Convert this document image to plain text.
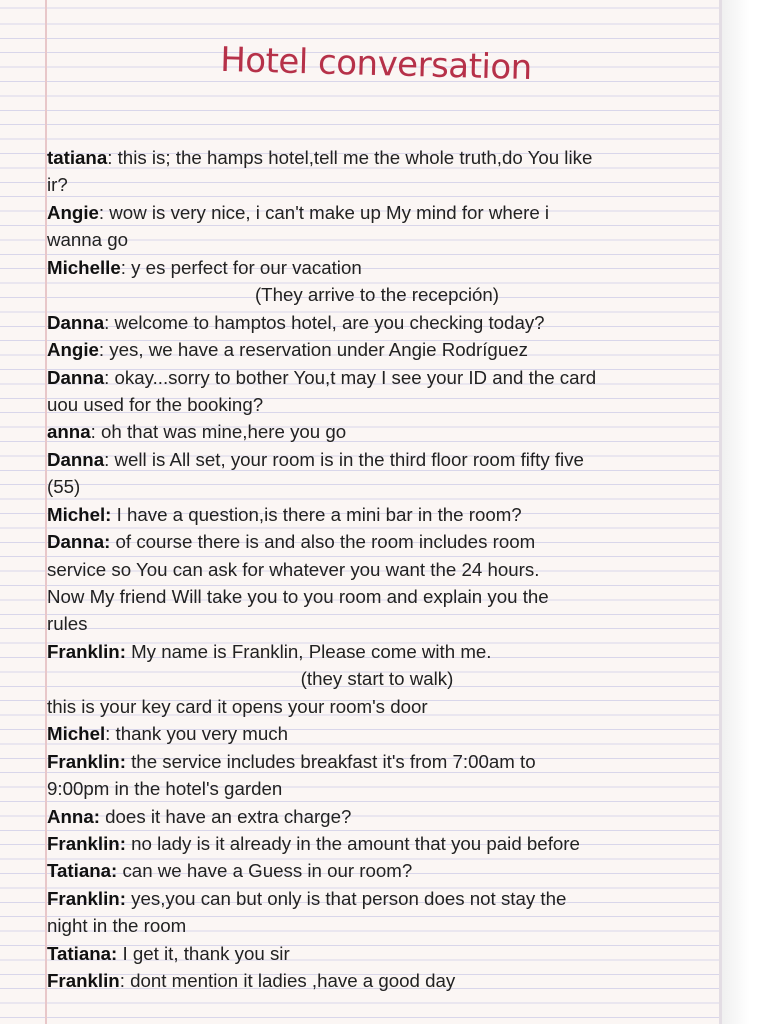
Hotel conversation

tatiana: this is; the hamps hotel,tell me the whole truth,do You like

ir?

Angie: wow is very nice, i can't make up My mind for where i

wanna go

Michelle: y es perfect for our vacation

(They arrive to the recepción)

Danna: welcome to hamptos hotel, are you checking today?

Angie: yes, we have a reservation under Angie Rodríguez

Danna: okay...sorry to bother You,t may I see your ID and the card

uou used for the booking?

anna: oh that was mine,here you go

Danna: well is All set, your room is in the third floor room fifty five

(55)

Michel: I have a question,is there a mini bar in the room?

Danna: of course there is and also the room includes room

service so You can ask for whatever you want the 24 hours.

Now My friend Will take you to you room and explain you the

rules

Franklin: My name is Franklin, Please come with me.

(they start to walk)

this is your key card it opens your room's door

Michel: thank you very much

Franklin: the service includes breakfast it's from 7:00am to

9:00pm in the hotel's garden

Anna: does it have an extra charge?

Franklin: no lady is it already in the amount that you paid before

Tatiana: can we have a Guess in our room?

Franklin: yes,you can but only is that person does not stay the

night in the room

Tatiana: I get it, thank you sir

Franklin: dont mention it ladies ,have a good day
